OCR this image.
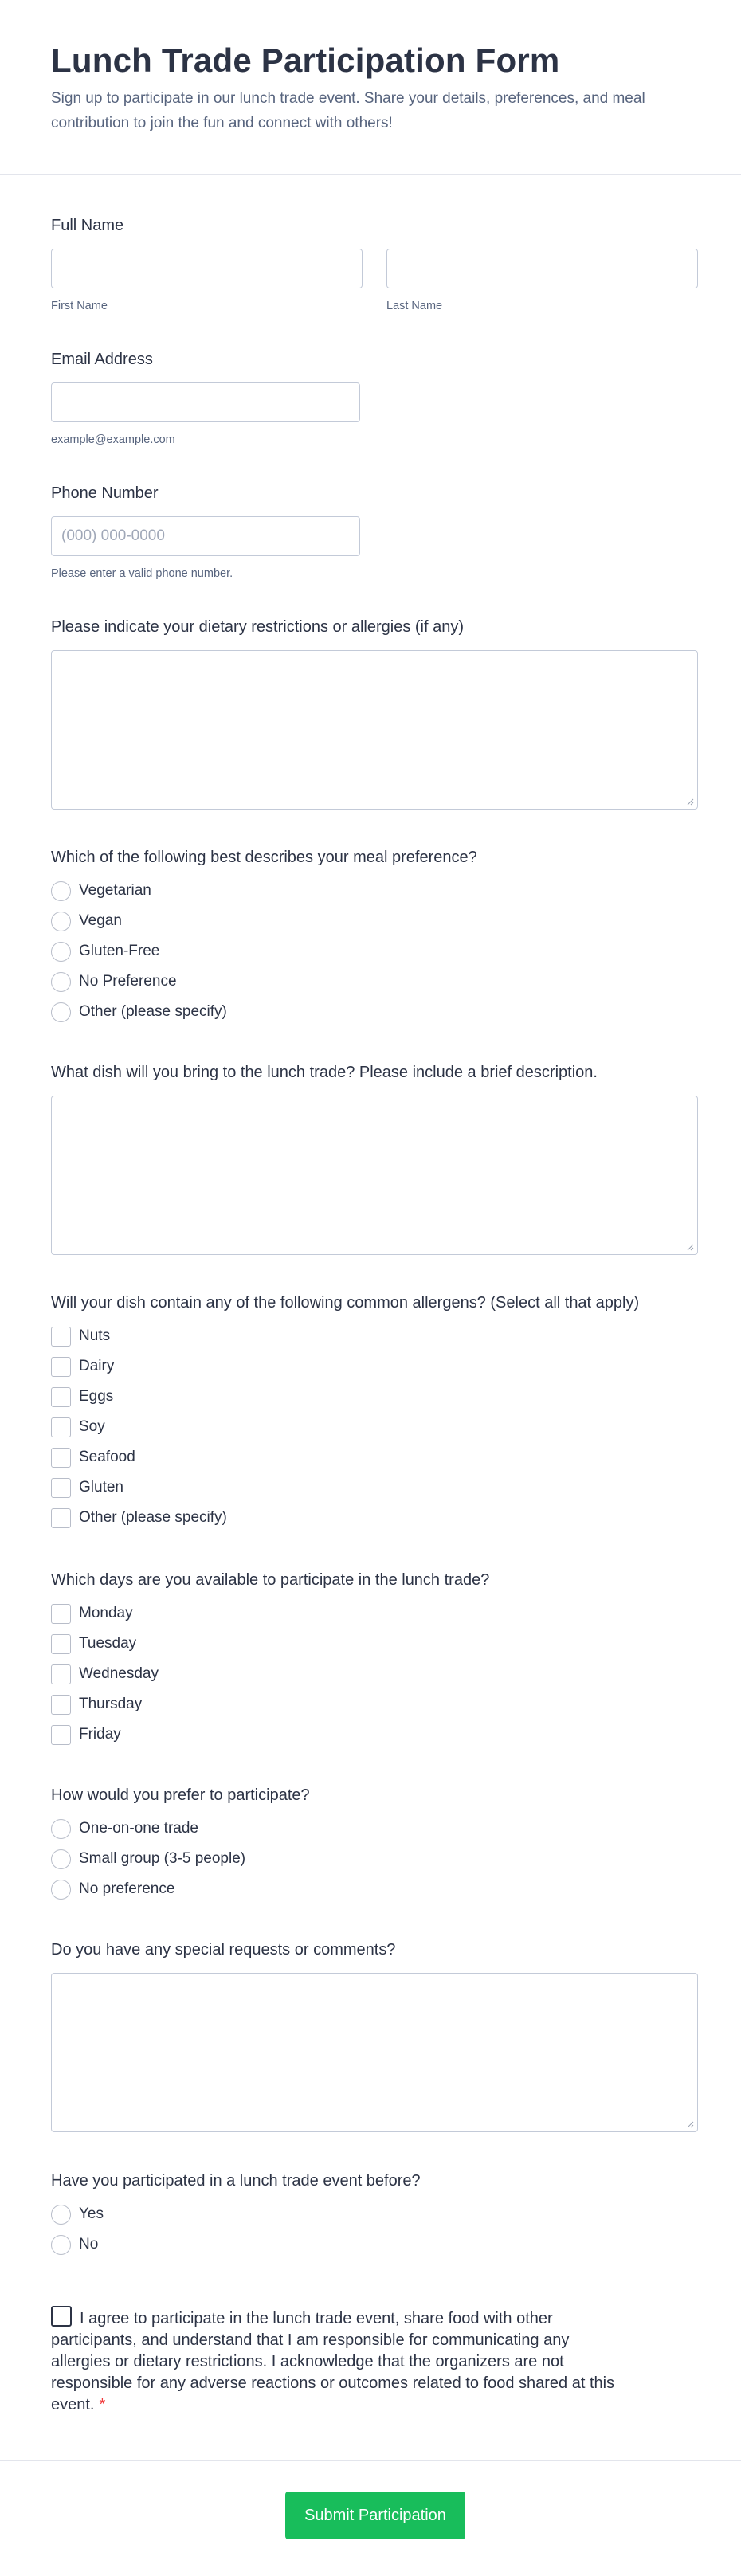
Lunch Trade Participation Form

Sign up to participate in our lunch trade event. Share your details, preferences, and meal contribution to join the fun and connect with others!

Full Name
First Name	Last Name
Email Address
example@example.com
Phone Number
(000) 000-0000
Please enter a valid phone number.
Please indicate your dietary restrictions or allergies (if any)
Which of the following best describes your meal preference?
Vegetarian
Vegan
Gluten-Free
No Preference
Other (please specify)
What dish will you bring to the lunch trade? Please include a brief description.
Will your dish contain any of the following common allergens? (Select all that apply)
Nuts
Dairy
Eggs
Soy
Seafood
Gluten
Other (please specify)
Which days are you available to participate in the lunch trade?
Monday
Tuesday
Wednesday
Thursday
Friday
How would you prefer to participate?
One-on-one trade
Small group (3-5 people)
No preference
Do you have any special requests or comments?
Have you participated in a lunch trade event before?
Yes
No
I agree to participate in the lunch trade event, share food with other participants, and understand that I am responsible for communicating any allergies or dietary restrictions. I acknowledge that the organizers are not responsible for any adverse reactions or outcomes related to food shared at this event. *
Submit Participation
